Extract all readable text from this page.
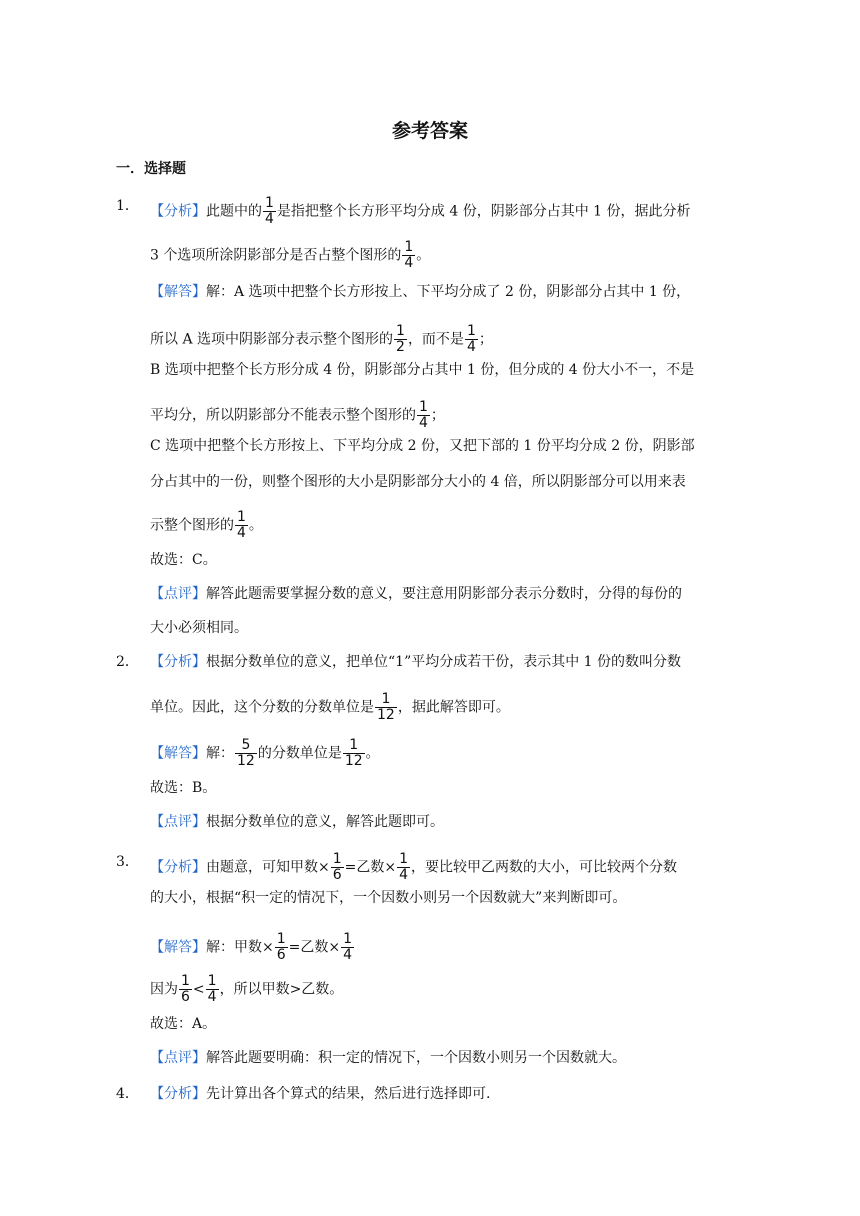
参考答案
一．选择题
1． 【分析】此题中的 $\frac{1}{4}$ 是指把整个长方形平均分成 4 份，阴影部分占其中 1 份，据此分析
3 个选项所涂阴影部分是否占整个图形的 $\frac{1}{4}$ 。
【解答】解：A 选项中把整个长方形按上、下平均分成了 2 份，阴影部分占其中 1 份，
所以 A 选项中阴影部分表示整个图形的 $\frac{1}{2}$ ，而不是 $\frac{1}{4}$ ；
B 选项中把整个长方形分成 4 份，阴影部分占其中 1 份，但分成的 4 份大小不一，不是
平均分，所以阴影部分不能表示整个图形的 $\frac{1}{4}$ ；
C 选项中把整个长方形按上、下平均分成 2 份，又把下部的 1 份平均分成 2 份，阴影部
分占其中的一份，则整个图形的大小是阴影部分大小的 4 倍，所以阴影部分可以用来表
示整个图形的 $\frac{1}{4}$ 。
故选：C。
【点评】解答此题需要掌握分数的意义，要注意用阴影部分表示分数时，分得的每份的
大小必须相同。
2． 【分析】根据分数单位的意义，把单位“1”平均分成若干份，表示其中 1 份的数叫分数
单位。因此，这个分数的分数单位是 $\frac{1}{12}$ ，据此解答即可。
【解答】解： $\frac{5}{12}$ 的分数单位是 $\frac{1}{12}$ 。
故选：B。
【点评】根据分数单位的意义，解答此题即可。
3． 【分析】由题意，可知甲数× $\frac{1}{6}$ =乙数× $\frac{1}{4}$ ，要比较甲乙两数的大小，可比较两个分数
的大小，根据“积一定的情况下，一个因数小则另一个因数就大”来判断即可。
【解答】解：甲数× $\frac{1}{6}$ =乙数× $\frac{1}{4}$
因为 $\frac{1}{6} < \frac{1}{4}$ ，所以甲数>乙数。
故选：A。
【点评】解答此题要明确：积一定的情况下，一个因数小则另一个因数就大。
4． 【分析】先计算出各个算式的结果，然后进行选择即可.
